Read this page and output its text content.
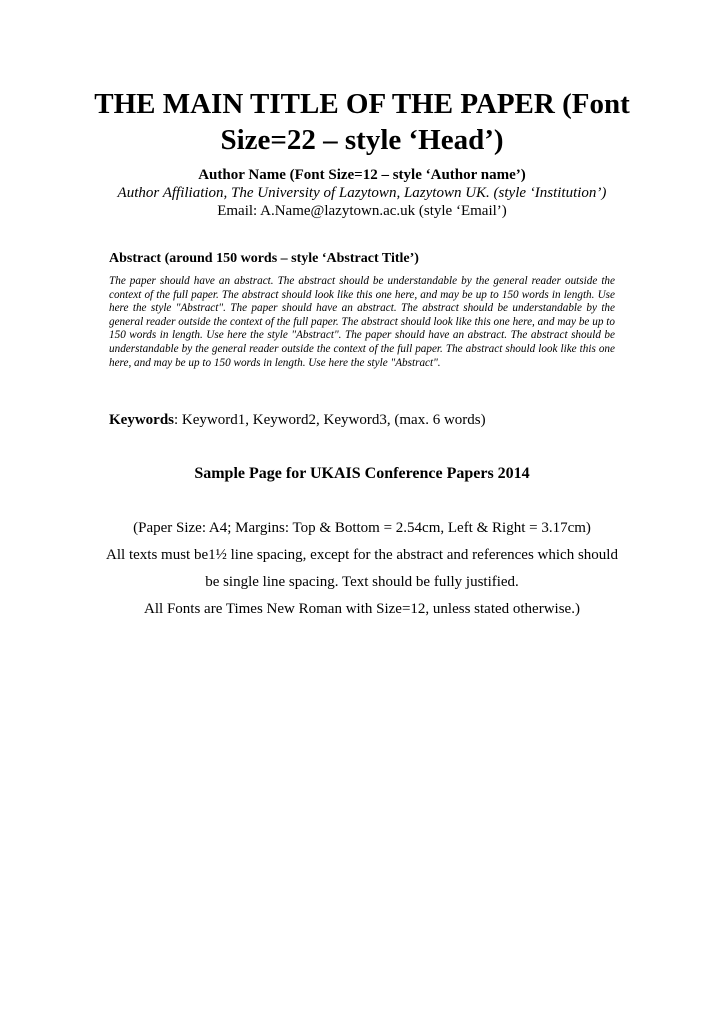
THE MAIN TITLE OF THE PAPER (Font
Size=22 – style ‘Head’)
Author Name (Font Size=12 – style ‘Author name’)
Author Affiliation, The University of Lazytown, Lazytown UK. (style ‘Institution’)
Email: A.Name@lazytown.ac.uk (style ‘Email’)
Abstract (around 150 words – style ‘Abstract Title’)

The paper should have an abstract. The abstract should be understandable by the general reader outside the context of the full paper. The abstract should look like this one here, and may be up to 150 words in length. Use here the style "Abstract". The paper should have an abstract. The abstract should be understandable by the general reader outside the context of the full paper. The abstract should look like this one here, and may be up to 150 words in length. Use here the style "Abstract". The paper should have an abstract. The abstract should be understandable by the general reader outside the context of the full paper. The abstract should look like this one here, and may be up to 150 words in length. Use here the style "Abstract".

Keywords: Keyword1, Keyword2, Keyword3, (max. 6 words)

Sample Page for UKAIS Conference Papers 2014

(Paper Size: A4; Margins: Top & Bottom = 2.54cm, Left & Right = 3.17cm)

All texts must be1½ line spacing, except for the abstract and references which should

be single line spacing. Text should be fully justified.

All Fonts are Times New Roman with Size=12, unless stated otherwise.)
